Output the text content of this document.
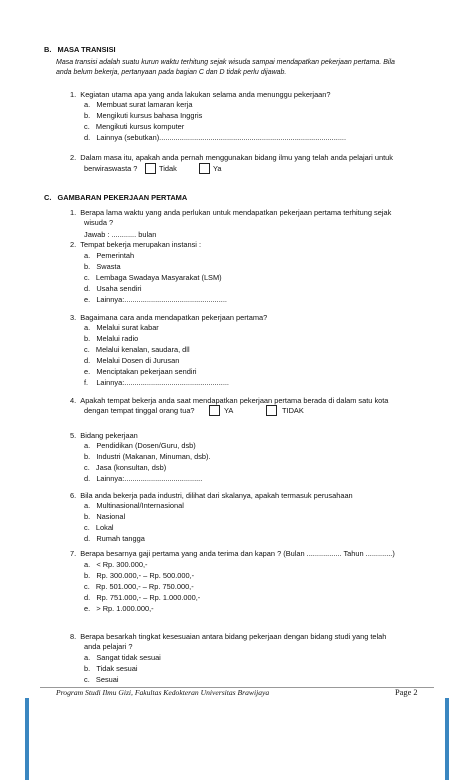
B.   MASA TRANSISI
Masa transisi adalah suatu kurun waktu terhitung sejak wisuda sampai mendapatkan pekerjaan pertama. Bila
anda belum bekerja, pertanyaan pada bagian C dan D tidak perlu dijawab.
1.  Kegiatan utama apa yang anda lakukan selama anda menunggu pekerjaan?
a.   Membuat surat lamaran kerja
b.   Mengikuti kursus bahasa Inggris
c.   Mengikuti kursus komputer
d.   Lainnya (sebutkan)...........................................................................................
2.  Dalam masa itu, apakah anda pernah menggunakan bidang ilmu yang telah anda pelajari untuk
berwiraswasta ?	Tidak	Ya
C.   GAMBARAN PEKERJAAN PERTAMA
1.  Berapa lama waktu yang anda perlukan untuk mendapatkan pekerjaan pertama terhitung sejak
wisuda ?
Jawab : ............ bulan
2.  Tempat bekerja merupakan instansi :
a.   Pemerintah
b.   Swasta
c.   Lembaga Swadaya Masyarakat (LSM)
d.   Usaha sendiri
e.   Lainnya:..................................................
3.  Bagaimana cara anda mendapatkan pekerjaan pertama?
a.   Melalui surat kabar
b.   Melalui radio
c.   Melalui kenalan, saudara, dll
d.   Melalui Dosen di Jurusan
e.   Menciptakan pekerjaan sendiri
f.    Lainnya:...................................................
4.  Apakah tempat bekerja anda saat mendapatkan pekerjaan pertama berada di dalam satu kota
dengan tempat tinggal orang tua?	YA	TIDAK
5.  Bidang pekerjaan
a.   Pendidikan (Dosen/Guru, dsb)
b.   Industri (Makanan, Minuman, dsb).
c.   Jasa (konsultan, dsb)
d.   Lainnya:......................................
6.  Bila anda bekerja pada industri, dilihat dari skalanya, apakah termasuk perusahaan
a.   Multinasional/Internasional
b.   Nasional
c.   Lokal
d.   Rumah tangga
7.  Berapa besarnya gaji pertama yang anda terima dan kapan ? (Bulan ................. Tahun .............)
a.   < Rp. 300.000,-
b.   Rp. 300.000,- – Rp. 500.000,-
c.   Rp. 501.000,- – Rp. 750.000,-
d.   Rp. 751.000,- – Rp. 1.000.000,-
e.   > Rp. 1.000.000,-
8.  Berapa besarkah tingkat kesesuaian antara bidang pekerjaan dengan bidang studi yang telah
anda pelajari ?
a.   Sangat tidak sesuai
b.   Tidak sesuai
c.   Sesuai
Program Studi Ilmu Gizi, Fakultas Kedokteran Universitas Brawijaya	Page 2
